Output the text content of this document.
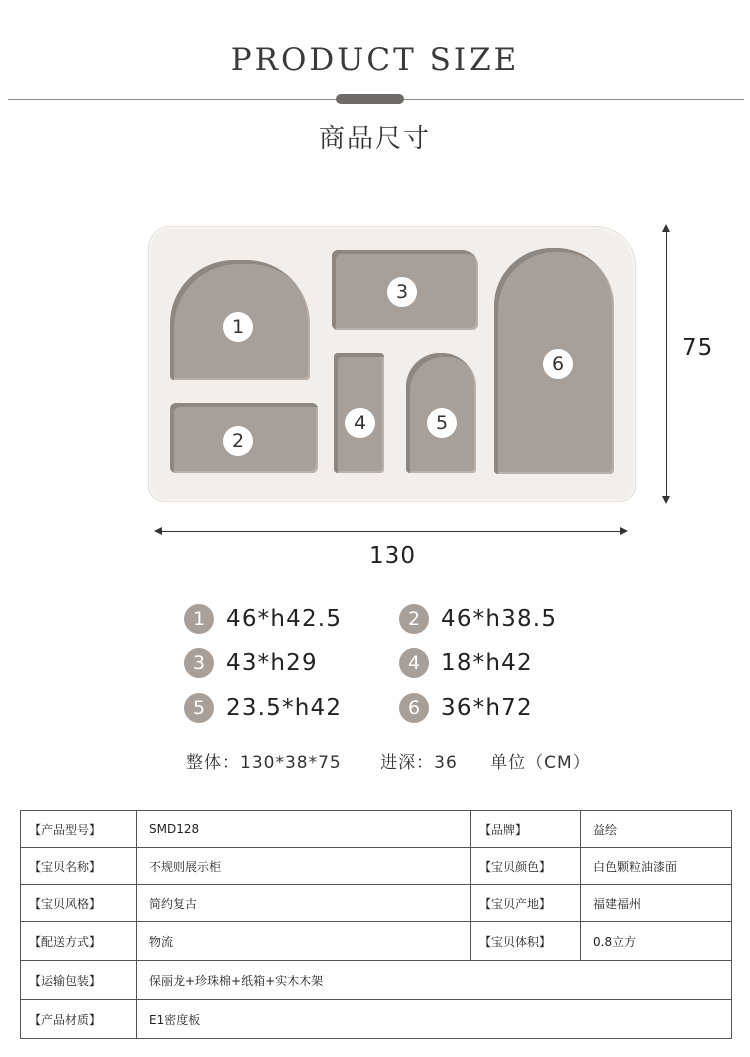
PRODUCT SIZE
商品尺寸
1
2
3
4	5
6
75
130
1 46*h42.5	2 46*h38.5
3 43*h29	4 18*h42
5 23.5*h42	6 36*h72
整体：130*38*75 进深：36 单位（CM）
【产品型号】	SMD128	【品牌】	益绘
【宝贝名称】	不规则展示柜	【宝贝颜色】	白色颗粒油漆面
【宝贝风格】	简约复古	【宝贝产地】	福建福州
【配送方式】	物流	【宝贝体积】	0.8立方
【运输包装】	保丽龙+珍珠棉+纸箱+实木木架		
【产品材质】	E1密度板		
